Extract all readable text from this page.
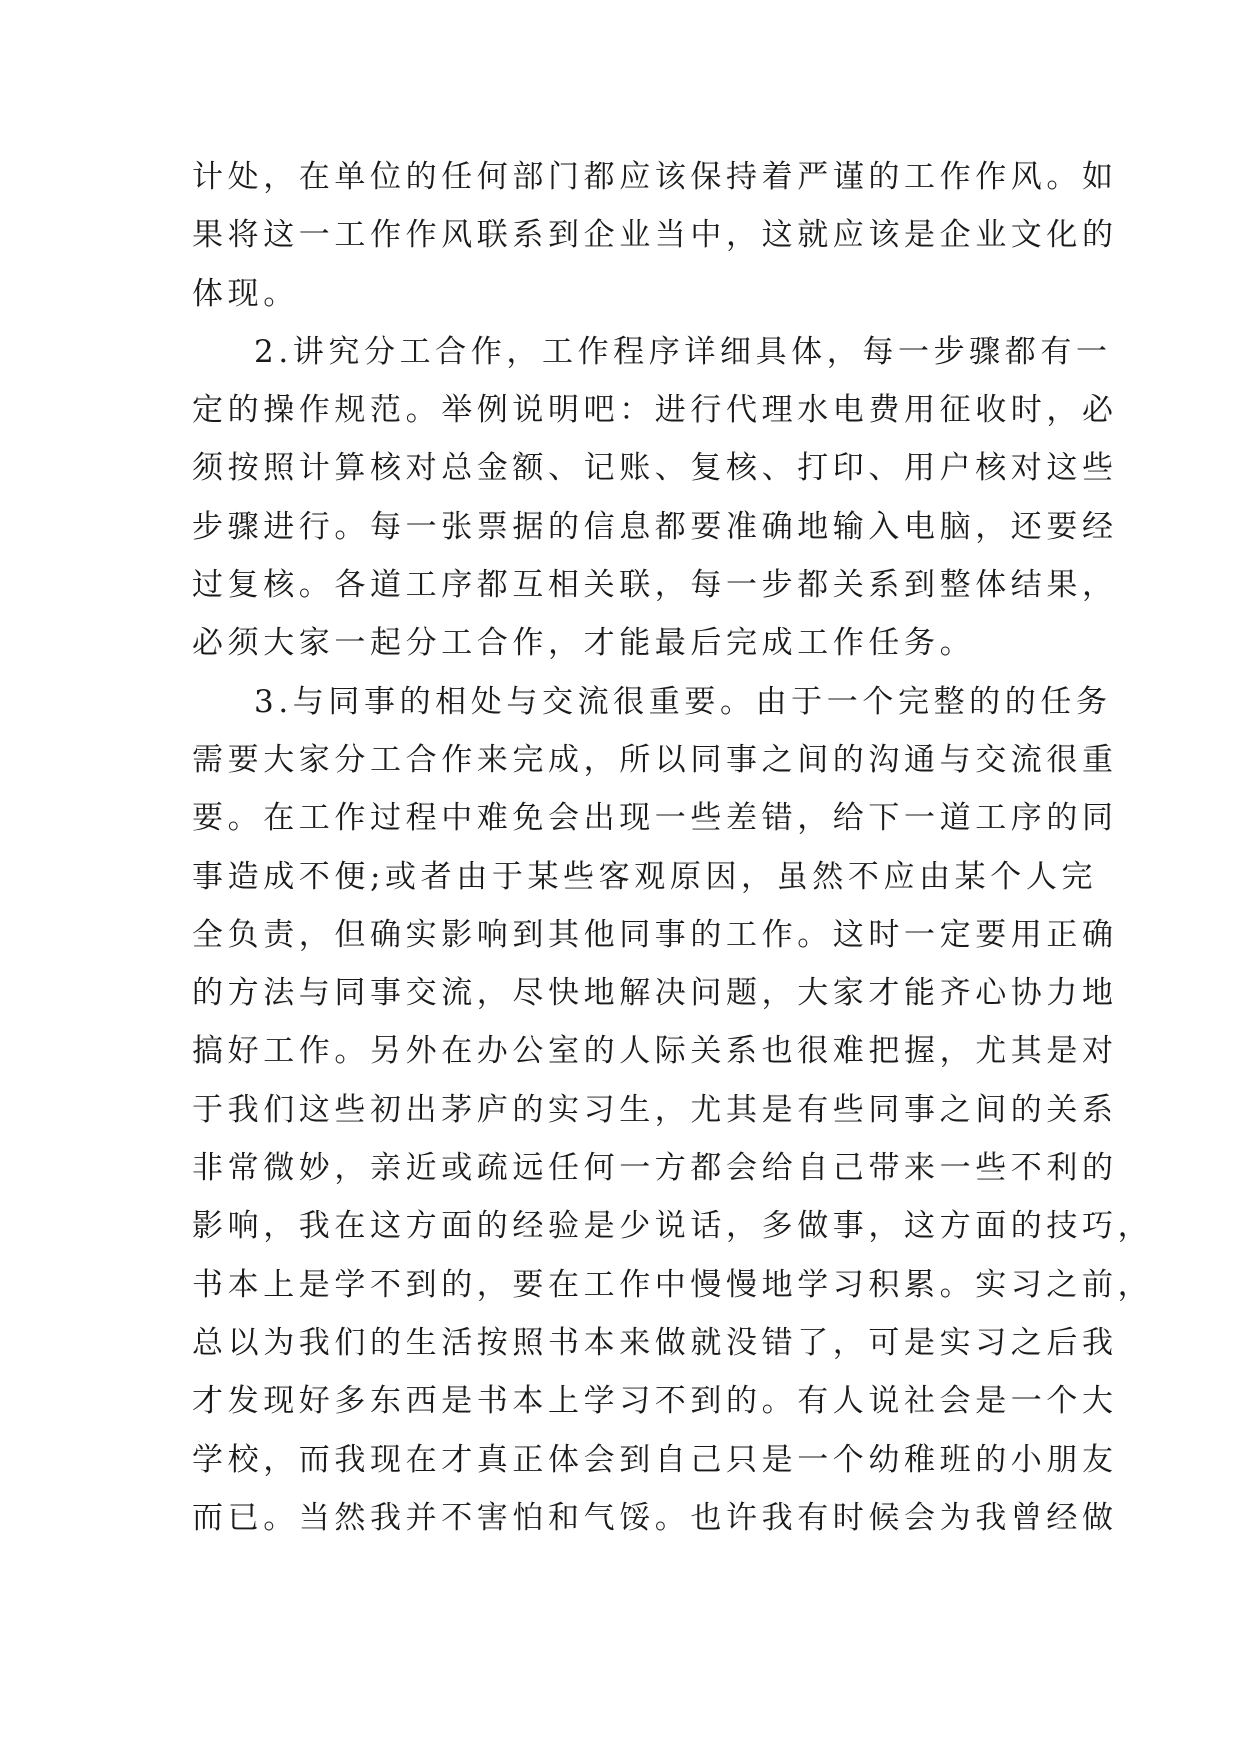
计处，在单位的任何部门都应该保持着严谨的工作作风。如
果将这一工作作风联系到企业当中，这就应该是企业文化的
体现。
2.讲究分工合作，工作程序详细具体，每一步骤都有一
定的操作规范。举例说明吧：进行代理水电费用征收时，必
须按照计算核对总金额、记账、复核、打印、用户核对这些
步骤进行。每一张票据的信息都要准确地输入电脑，还要经
过复核。各道工序都互相关联，每一步都关系到整体结果，
必须大家一起分工合作，才能最后完成工作任务。
3.与同事的相处与交流很重要。由于一个完整的的任务
需要大家分工合作来完成，所以同事之间的沟通与交流很重
要。在工作过程中难免会出现一些差错，给下一道工序的同
事造成不便;或者由于某些客观原因，虽然不应由某个人完
全负责，但确实影响到其他同事的工作。这时一定要用正确
的方法与同事交流，尽快地解决问题，大家才能齐心协力地
搞好工作。另外在办公室的人际关系也很难把握，尤其是对
于我们这些初出茅庐的实习生，尤其是有些同事之间的关系
非常微妙，亲近或疏远任何一方都会给自己带来一些不利的
影响，我在这方面的经验是少说话，多做事，这方面的技巧，
书本上是学不到的，要在工作中慢慢地学习积累。实习之前，
总以为我们的生活按照书本来做就没错了，可是实习之后我
才发现好多东西是书本上学习不到的。有人说社会是一个大
学校，而我现在才真正体会到自己只是一个幼稚班的小朋友
而已。当然我并不害怕和气馁。也许我有时候会为我曾经做
